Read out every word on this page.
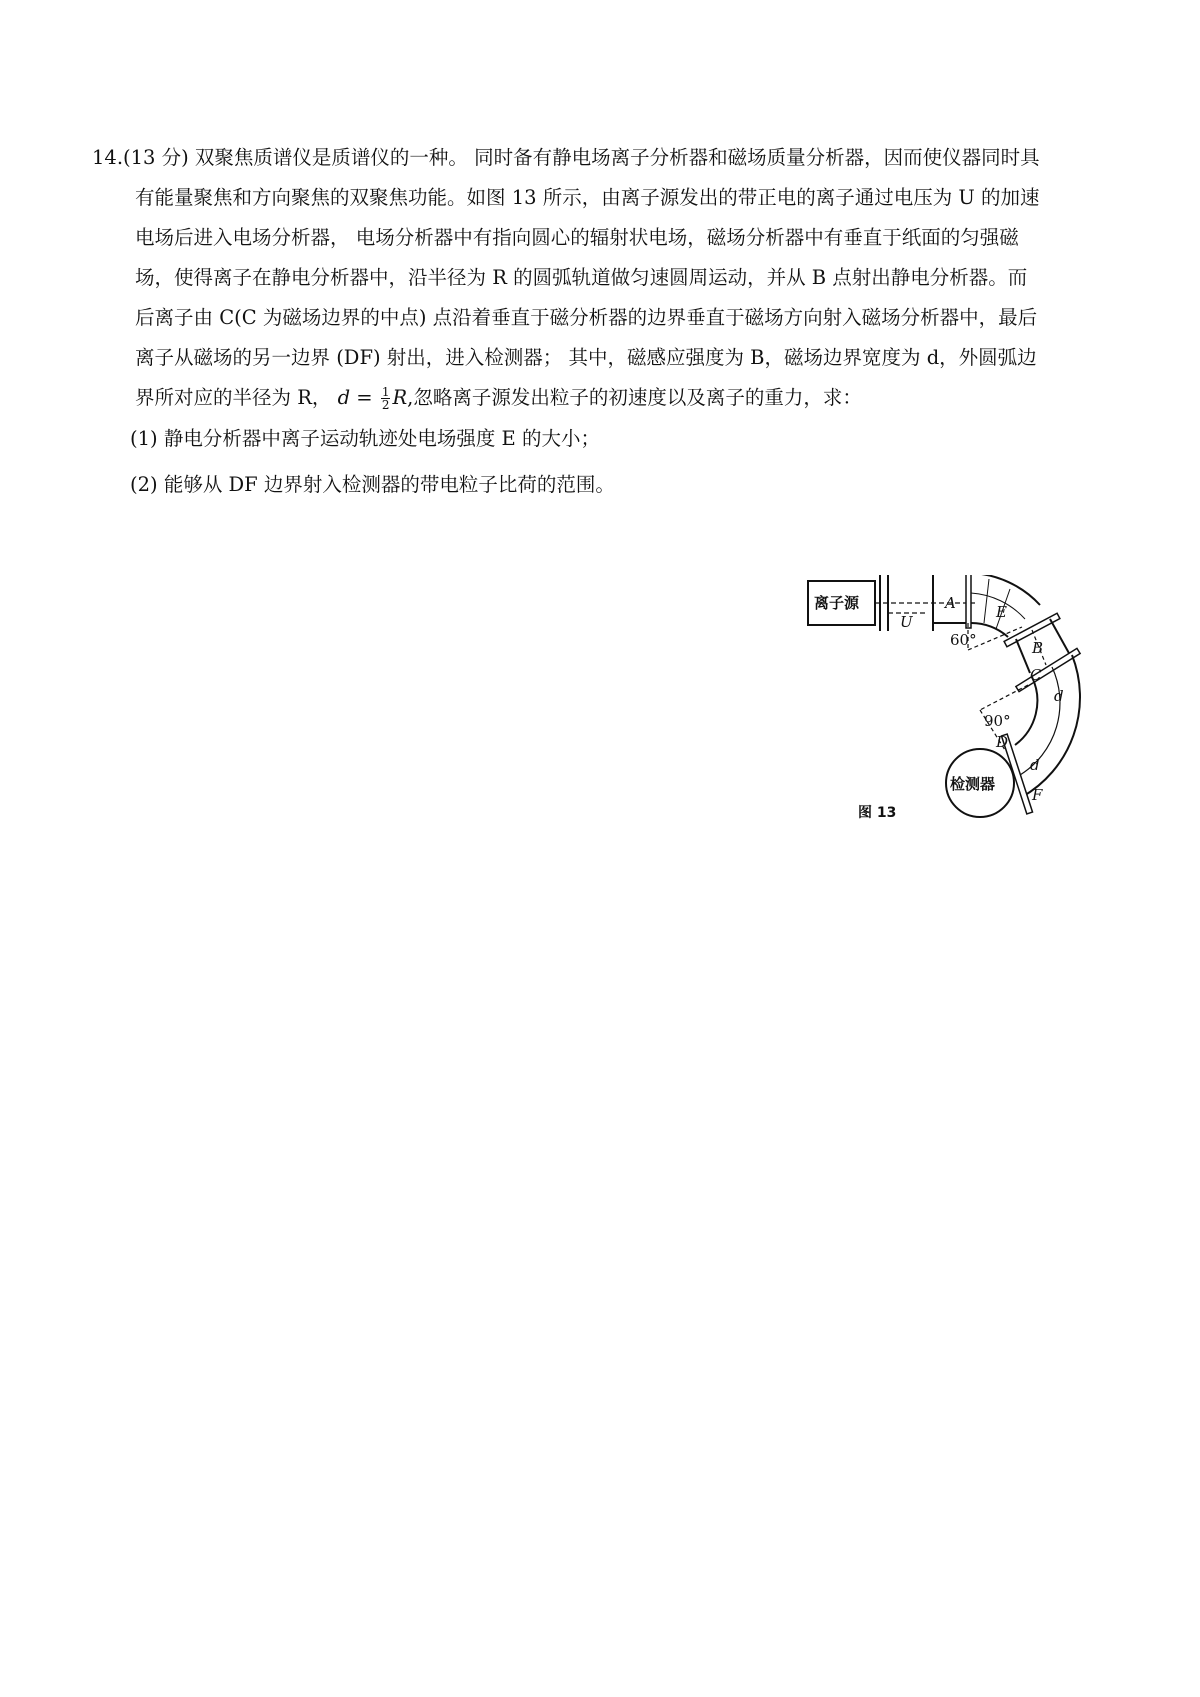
14.(13 分) 双聚焦质谱仪是质谱仪的一种。 同时备有静电场离子分析器和磁场质量分析器，因而使仪器同时具
有能量聚焦和方向聚焦的双聚焦功能。如图 13 所示，由离子源发出的带正电的离子通过电压为 U 的加速
电场后进入电场分析器， 电场分析器中有指向圆心的辐射状电场，磁场分析器中有垂直于纸面的匀强磁
场，使得离子在静电分析器中，沿半径为 R 的圆弧轨道做匀速圆周运动，并从 B 点射出静电分析器。而
后离子由 C(C 为磁场边界的中点) 点沿着垂直于磁分析器的边界垂直于磁场方向射入磁场分析器中，最后
离子从磁场的另一边界 (DF) 射出，进入检测器； 其中，磁感应强度为 B，磁场边界宽度为 d，外圆弧边
界所对应的半径为 R， $d = \frac{1}{2} R$,忽略离子源发出粒子的初速度以及离子的重力，求：
(1) 静电分析器中离子运动轨迹处电场强度 E 的大小；
(2) 能够从 DF 边界射入检测器的带电粒子比荷的范围。
离子源
U
A	E
B
60°
C
d
90°
D
d
F
检测器
图 13
